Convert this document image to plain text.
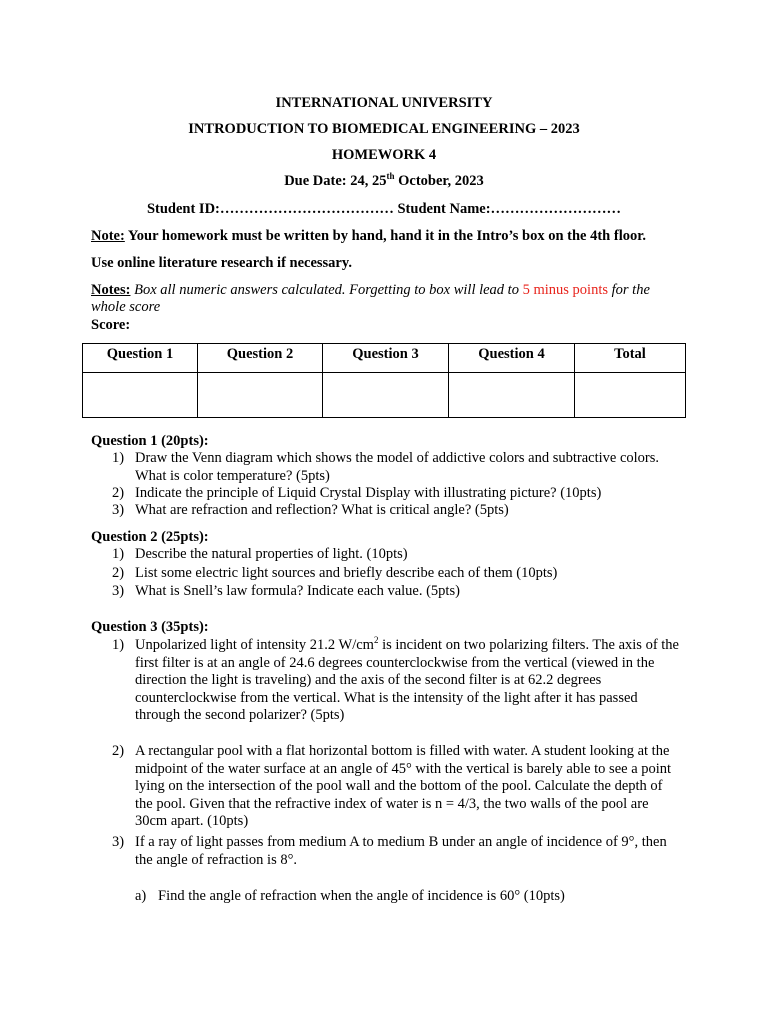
INTERNATIONAL UNIVERSITY
INTRODUCTION TO BIOMEDICAL ENGINEERING – 2023
HOMEWORK 4
Due Date: 24, 25th October, 2023
Student ID:……………………………… Student Name:………………………
Note: Your homework must be written by hand, hand it in the Intro’s box on the 4th floor.
Use online literature research if necessary.
Notes: Box all numeric answers calculated. Forgetting to box will lead to 5 minus points for the
whole score
Score:
Question 1	Question 2	Question 3	Question 4	Total

Question 1 (20pts):
1) Draw the Venn diagram which shows the model of addictive colors and subtractive colors. What is color temperature? (5pts)
2) Indicate the principle of Liquid Crystal Display with illustrating picture? (10pts)
3) What are refraction and reflection? What is critical angle? (5pts)
Question 2 (25pts):
1) Describe the natural properties of light. (10pts)
2) List some electric light sources and briefly describe each of them (10pts)
3) What is Snell’s law formula? Indicate each value. (5pts)
Question 3 (35pts):
1) Unpolarized light of intensity 21.2 $W/cm^2$ is incident on two polarizing filters. The axis of the first filter is at an angle of 24.6 degrees counterclockwise from the vertical (viewed in the direction the light is traveling) and the axis of the second filter is at 62.2 degrees counterclockwise from the vertical. What is the intensity of the light after it has passed through the second polarizer? (5pts)
2) A rectangular pool with a flat horizontal bottom is filled with water. A student looking at the midpoint of the water surface at an angle of 45° with the vertical is barely able to see a point lying on the intersection of the pool wall and the bottom of the pool. Calculate the depth of the pool. Given that the refractive index of water is n = 4/3, the two walls of the pool are 30cm apart. (10pts)
3) If a ray of light passes from medium A to medium B under an angle of incidence of 9°, then the angle of refraction is 8°.
a) Find the angle of refraction when the angle of incidence is 60° (10pts)
